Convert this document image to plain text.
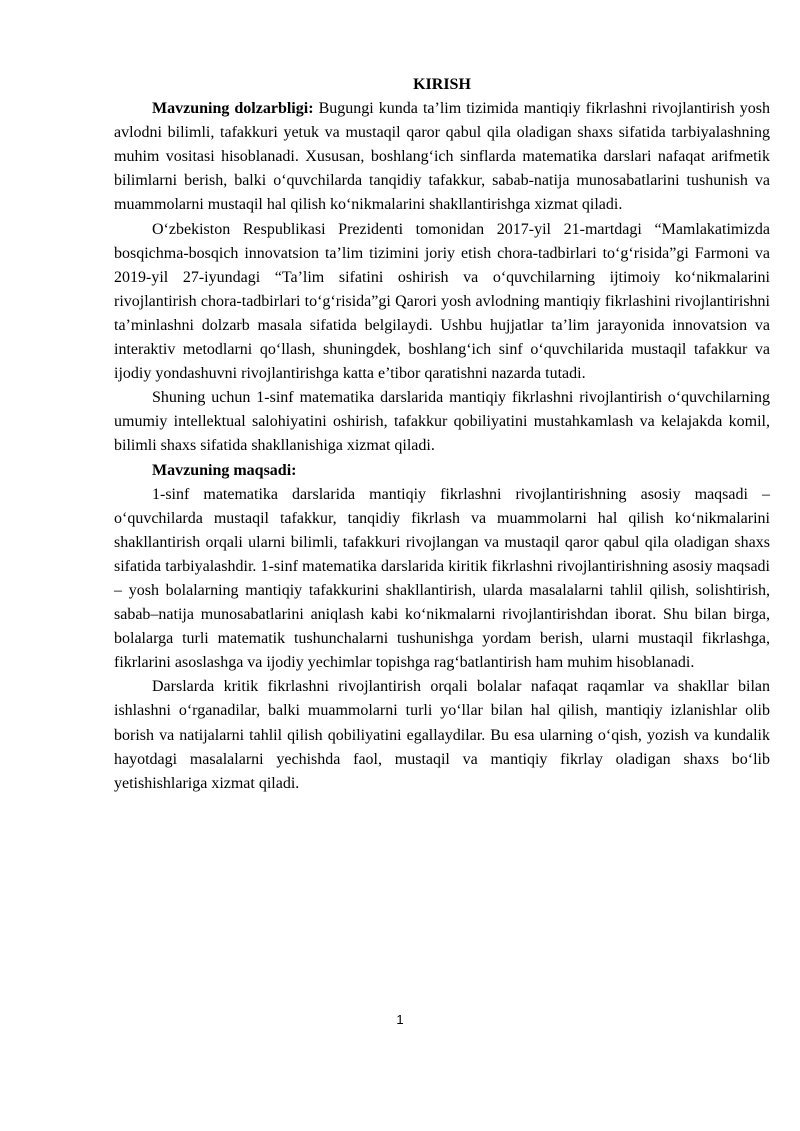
KIRISH

Mavzuning dolzarbligi: Bugungi kunda ta’lim tizimida mantiqiy fikrlashni rivojlantirish yosh avlodni bilimli, tafakkuri yetuk va mustaqil qaror qabul qila oladigan shaxs sifatida tarbiyalashning muhim vositasi hisoblanadi. Xususan, boshlang‘ich sinflarda matematika darslari nafaqat arifmetik bilimlarni berish, balki o‘quvchilarda tanqidiy tafakkur, sabab-natija munosabatlarini tushunish va muammolarni mustaqil hal qilish ko‘nikmalarini shakllantirishga xizmat qiladi.

O‘zbekiston Respublikasi Prezidenti tomonidan 2017-yil 21-martdagi “Mamlakatimizda bosqichma-bosqich innovatsion ta’lim tizimini joriy etish chora-tadbirlari to‘g‘risida”gi Farmoni va 2019-yil 27-iyundagi “Ta’lim sifatini oshirish va o‘quvchilarning ijtimoiy ko‘nikmalarini rivojlantirish chora-tadbirlari to‘g‘risida”gi Qarori yosh avlodning mantiqiy fikrlashini rivojlantirishni ta’minlashni dolzarb masala sifatida belgilaydi. Ushbu hujjatlar ta’lim jarayonida innovatsion va interaktiv metodlarni qo‘llash, shuningdek, boshlang‘ich sinf o‘quvchilarida mustaqil tafakkur va ijodiy yondashuvni rivojlantirishga katta e’tibor qaratishni nazarda tutadi.

Shuning uchun 1-sinf matematika darslarida mantiqiy fikrlashni rivojlantirish o‘quvchilarning umumiy intellektual salohiyatini oshirish, tafakkur qobiliyatini mustahkamlash va kelajakda komil, bilimli shaxs sifatida shakllanishiga xizmat qiladi.

Mavzuning maqsadi:

1-sinf matematika darslarida mantiqiy fikrlashni rivojlantirishning asosiy maqsadi – o‘quvchilarda mustaqil tafakkur, tanqidiy fikrlash va muammolarni hal qilish ko‘nikmalarini shakllantirish orqali ularni bilimli, tafakkuri rivojlangan va mustaqil qaror qabul qila oladigan shaxs sifatida tarbiyalashdir. 1-sinf matematika darslarida kiritik fikrlashni rivojlantirishning asosiy maqsadi – yosh bolalarning mantiqiy tafakkurini shakllantirish, ularda masalalarni tahlil qilish, solishtirish, sabab–natija munosabatlarini aniqlash kabi ko‘nikmalarni rivojlantirishdan iborat. Shu bilan birga, bolalarga turli matematik tushunchalarni tushunishga yordam berish, ularni mustaqil fikrlashga, fikrlarini asoslashga va ijodiy yechimlar topishga rag‘batlantirish ham muhim hisoblanadi.

Darslarda kritik fikrlashni rivojlantirish orqali bolalar nafaqat raqamlar va shakllar bilan ishlashni o‘rganadilar, balki muammolarni turli yo‘llar bilan hal qilish, mantiqiy izlanishlar olib borish va natijalarni tahlil qilish qobiliyatini egallaydilar. Bu esa ularning o‘qish, yozish va kundalik hayotdagi masalalarni yechishda faol, mustaqil va mantiqiy fikrlay oladigan shaxs bo‘lib yetishishlariga xizmat qiladi.

1
